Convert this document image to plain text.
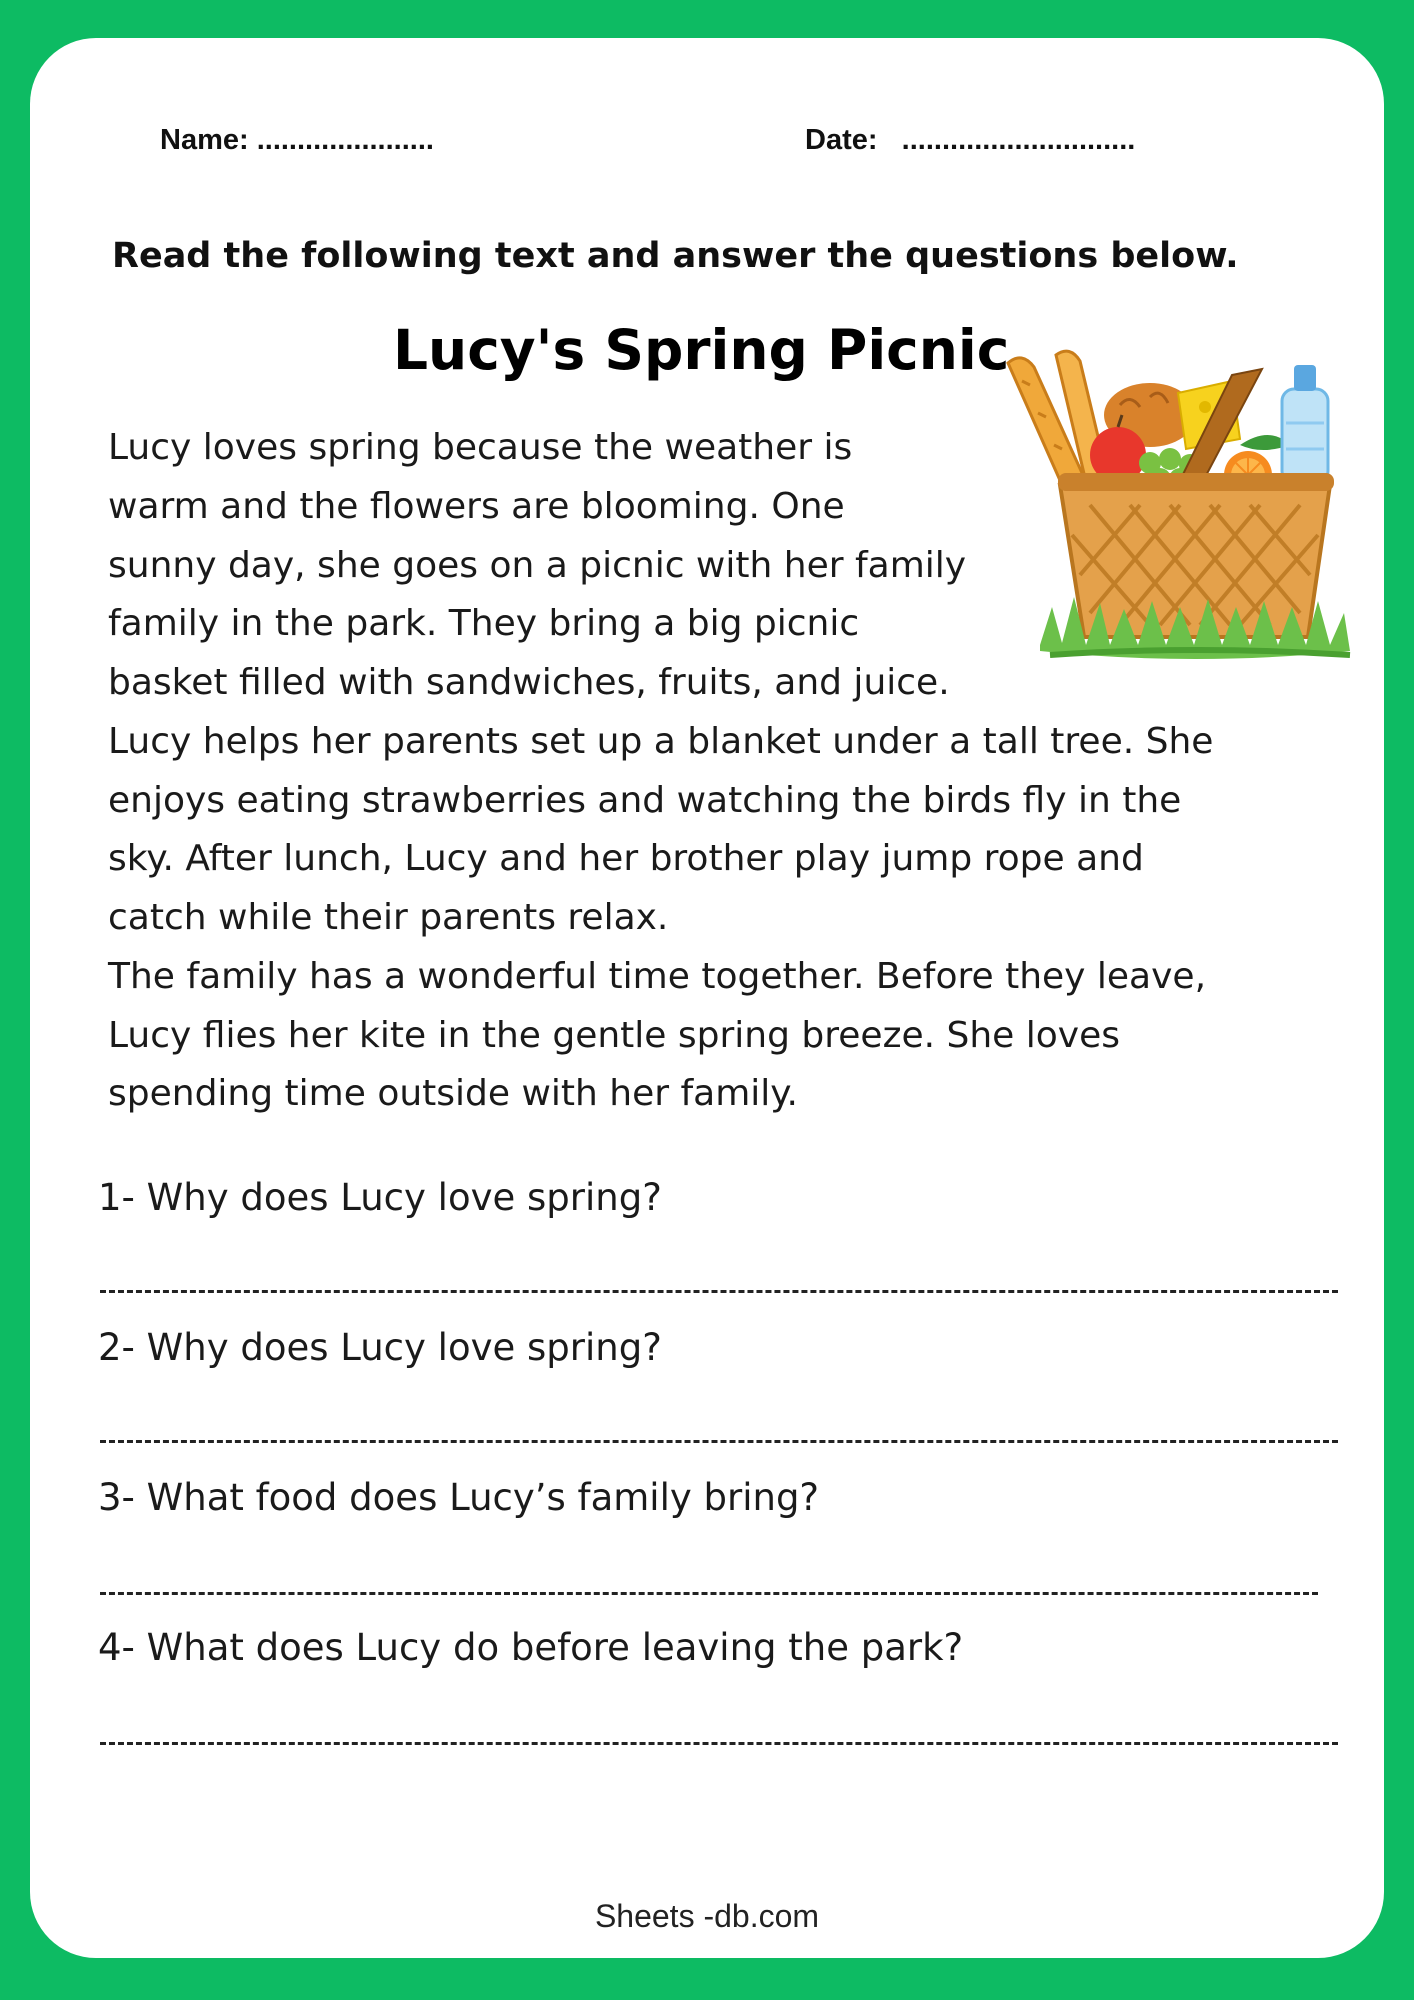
Name: ......................	Date:   .............................
Read the following text and answer the questions below.
Lucy's Spring Picnic
Lucy loves spring because the weather is
warm and the flowers are blooming. One
sunny day, she goes on a picnic with her family
family in the park. They bring a big picnic
basket filled with sandwiches, fruits, and juice.
Lucy helps her parents set up a blanket under a tall tree. She
enjoys eating strawberries and watching the birds fly in the
sky. After lunch, Lucy and her brother play jump rope and
catch while their parents relax.
The family has a wonderful time together. Before they leave,
Lucy flies her kite in the gentle spring breeze. She loves
spending time outside with her family.
1- Why does Lucy love spring?
2- Why does Lucy love spring?
3- What food does Lucy’s family bring?
4- What does Lucy do before leaving the park?
Sheets -db.com
